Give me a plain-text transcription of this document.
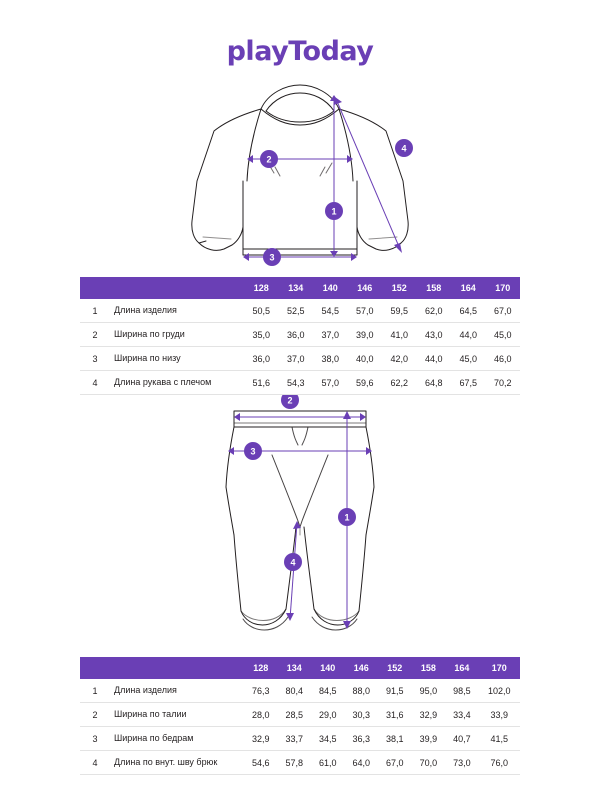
playToday
1
2
3
4
		128	134	140	146	152	158	164	170
1	Длина изделия	50,5	52,5	54,5	57,0	59,5	62,0	64,5	67,0
2	Ширина по груди	35,0	36,0	37,0	39,0	41,0	43,0	44,0	45,0
3	Ширина по низу	36,0	37,0	38,0	40,0	42,0	44,0	45,0	46,0
4	Длина рукава с плечом	51,6	54,3	57,0	59,6	62,2	64,8	67,5	70,2
1
2
3
4
		128	134	140	146	152	158	164	170
1	Длина изделия	76,3	80,4	84,5	88,0	91,5	95,0	98,5	102,0
2	Ширина по талии	28,0	28,5	29,0	30,3	31,6	32,9	33,4	33,9
3	Ширина по бедрам	32,9	33,7	34,5	36,3	38,1	39,9	40,7	41,5
4	Длина по внут. шву брюк	54,6	57,8	61,0	64,0	67,0	70,0	73,0	76,0
